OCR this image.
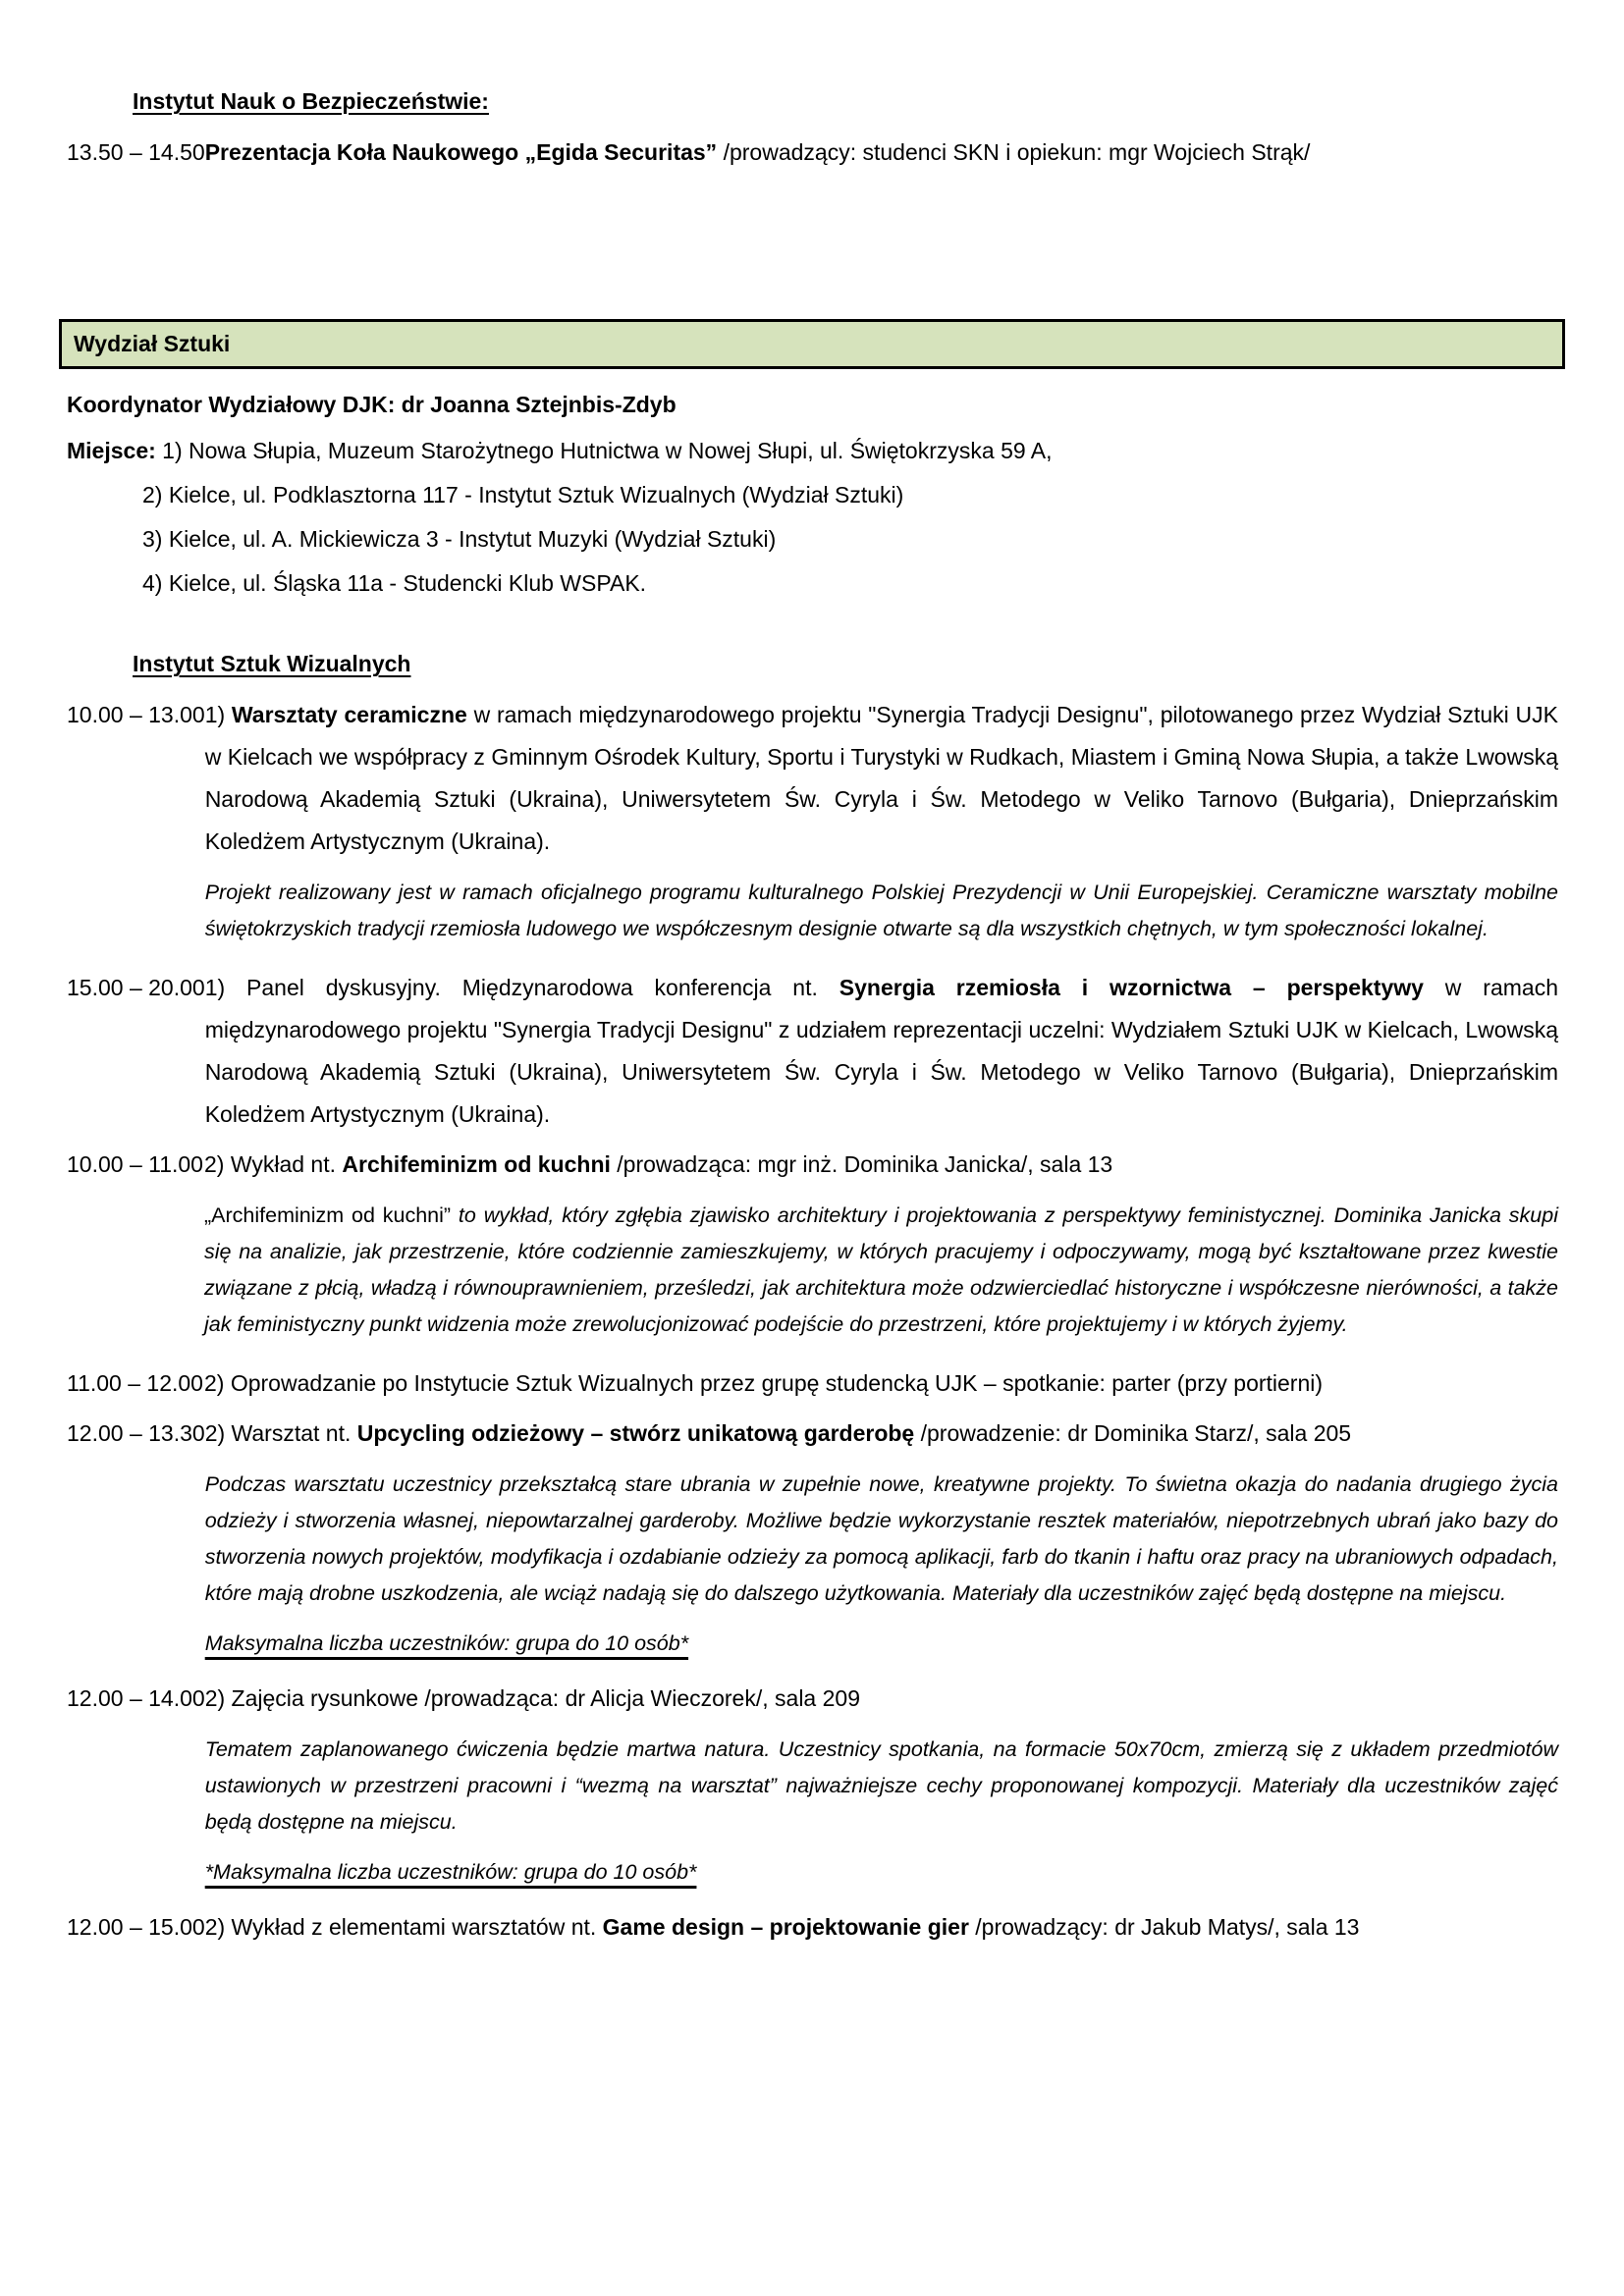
Instytut Nauk o Bezpieczeństwie:
13.50 – 14.50 Prezentacja Koła Naukowego „Egida Securitas” /prowadzący: studenci SKN i opiekun: mgr Wojciech Strąk/

Wydział Sztuki

Koordynator Wydziałowy DJK: dr Joanna Sztejnbis-Zdyb

Miejsce: 1) Nowa Słupia, Muzeum Starożytnego Hutnictwa w Nowej Słupi, ul. Świętokrzyska 59 A,

2) Kielce, ul. Podklasztorna 117 - Instytut Sztuk Wizualnych (Wydział Sztuki)

3) Kielce, ul. A. Mickiewicza 3 - Instytut Muzyki (Wydział Sztuki)

4) Kielce, ul. Śląska 11a - Studencki Klub WSPAK.

Instytut Sztuk Wizualnych
10.00 – 13.00 1) Warsztaty ceramiczne w ramach międzynarodowego projektu "Synergia Tradycji Designu", pilotowanego przez Wydział Sztuki UJK w Kielcach we współpracy z Gminnym Ośrodek Kultury, Sportu i Turystyki w Rudkach, Miastem i Gminą Nowa Słupia, a także Lwowską Narodową Akademią Sztuki (Ukraina), Uniwersytetem Św. Cyryla i Św. Metodego w Veliko Tarnovo (Bułgaria), Dnieprzańskim Koledżem Artystycznym (Ukraina).

Projekt realizowany jest w ramach oficjalnego programu kulturalnego Polskiej Prezydencji w Unii Europejskiej. Ceramiczne warsztaty mobilne świętokrzyskich tradycji rzemiosła ludowego we współczesnym designie otwarte są dla wszystkich chętnych, w tym społeczności lokalnej.

15.00 – 20.00 1) Panel dyskusyjny. Międzynarodowa konferencja nt. Synergia rzemiosła i wzornictwa – perspektywy w ramach międzynarodowego projektu "Synergia Tradycji Designu" z udziałem reprezentacji uczelni: Wydziałem Sztuki UJK w Kielcach, Lwowską Narodową Akademią Sztuki (Ukraina), Uniwersytetem Św. Cyryla i Św. Metodego w Veliko Tarnovo (Bułgaria), Dnieprzańskim Koledżem Artystycznym (Ukraina).

10.00 – 11.00 2) Wykład nt. Archifeminizm od kuchni /prowadząca: mgr inż. Dominika Janicka/, sala 13

„Archifeminizm od kuchni” to wykład, który zgłębia zjawisko architektury i projektowania z perspektywy feministycznej. Dominika Janicka skupi się na analizie, jak przestrzenie, które codziennie zamieszkujemy, w których pracujemy i odpoczywamy, mogą być kształtowane przez kwestie związane z płcią, władzą i równouprawnieniem, prześledzi, jak architektura może odzwierciedlać historyczne i współczesne nierówności, a także jak feministyczny punkt widzenia może zrewolucjonizować podejście do przestrzeni, które projektujemy i w których żyjemy.

11.00 – 12.00 2) Oprowadzanie po Instytucie Sztuk Wizualnych przez grupę studencką UJK – spotkanie: parter (przy portierni)

12.00 – 13.30 2) Warsztat nt. Upcycling odzieżowy – stwórz unikatową garderobę /prowadzenie: dr Dominika Starz/, sala 205

Podczas warsztatu uczestnicy przekształcą stare ubrania w zupełnie nowe, kreatywne projekty. To świetna okazja do nadania drugiego życia odzieży i stworzenia własnej, niepowtarzalnej garderoby. Możliwe będzie wykorzystanie resztek materiałów, niepotrzebnych ubrań jako bazy do stworzenia nowych projektów, modyfikacja i ozdabianie odzieży za pomocą aplikacji, farb do tkanin i haftu oraz pracy na ubraniowych odpadach, które mają drobne uszkodzenia, ale wciąż nadają się do dalszego użytkowania. Materiały dla uczestników zajęć będą dostępne na miejscu.

Maksymalna liczba uczestników: grupa do 10 osób*

12.00 – 14.00 2) Zajęcia rysunkowe /prowadząca: dr Alicja Wieczorek/, sala 209

Tematem zaplanowanego ćwiczenia będzie martwa natura. Uczestnicy spotkania, na formacie 50x70cm, zmierzą się z układem przedmiotów ustawionych w przestrzeni pracowni i “wezmą na warsztat” najważniejsze cechy proponowanej kompozycji. Materiały dla uczestników zajęć będą dostępne na miejscu.

*Maksymalna liczba uczestników: grupa do 10 osób*

12.00 – 15.00 2) Wykład z elementami warsztatów nt. Game design – projektowanie gier /prowadzący: dr Jakub Matys/, sala 13
